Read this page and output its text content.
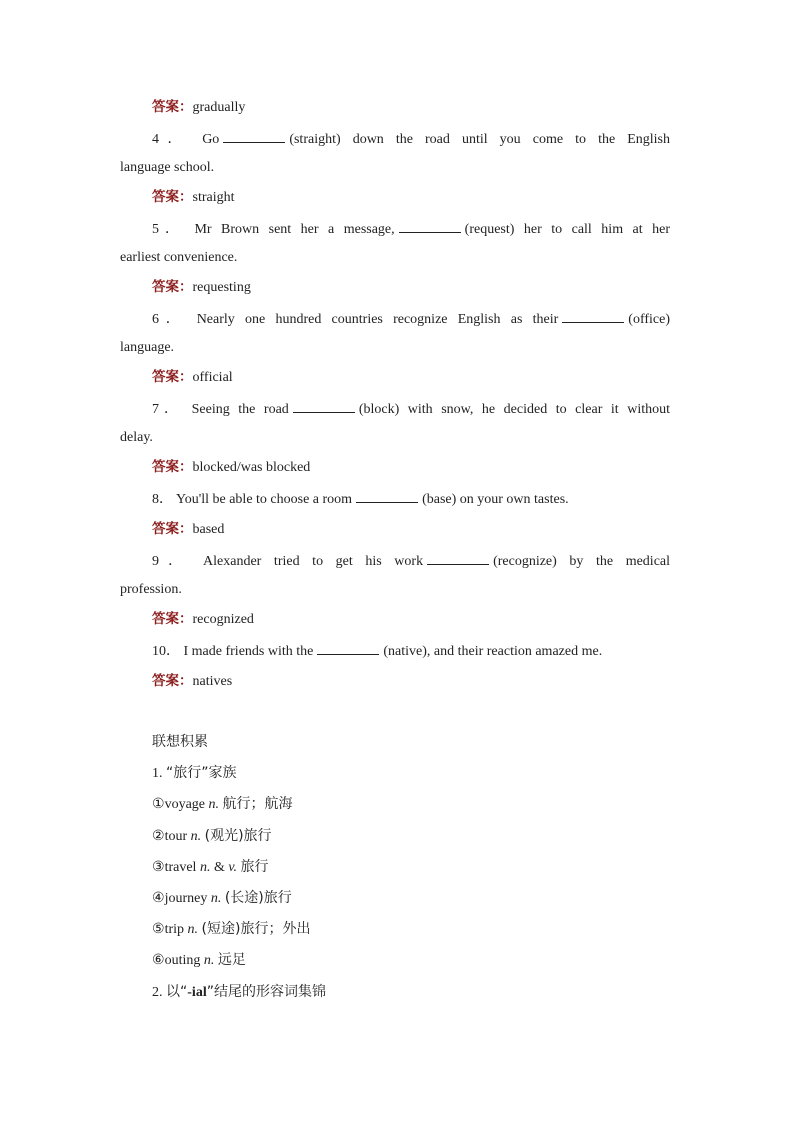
答案：gradually
4． Go	(straight) down the road until you come to the English
language school.
答案：straight
5． Mr Brown sent her a message,	(request) her to call him at her
earliest convenience.
答案：requesting
6． Nearly one hundred countries recognize English as their	(office)
language.
答案：official
7． Seeing the road	(block) with snow, he decided to clear it without
delay.
答案：blocked/was blocked
8． You'll be able to choose a room	(base) on your own tastes.
答案：based
9． Alexander tried to get his work	(recognize) by the medical
profession.
答案：recognized
10． I made friends with the	(native), and their reaction amazed me.
答案：natives
联想积累
1. “旅行”家族
①voyage n. 航行；航海
②tour n. (观光)旅行
③travel n. & v. 旅行
④journey n. (长途)旅行
⑤trip n. (短途)旅行；外出
⑥outing n. 远足
2. 以“-ial”结尾的形容词集锦
